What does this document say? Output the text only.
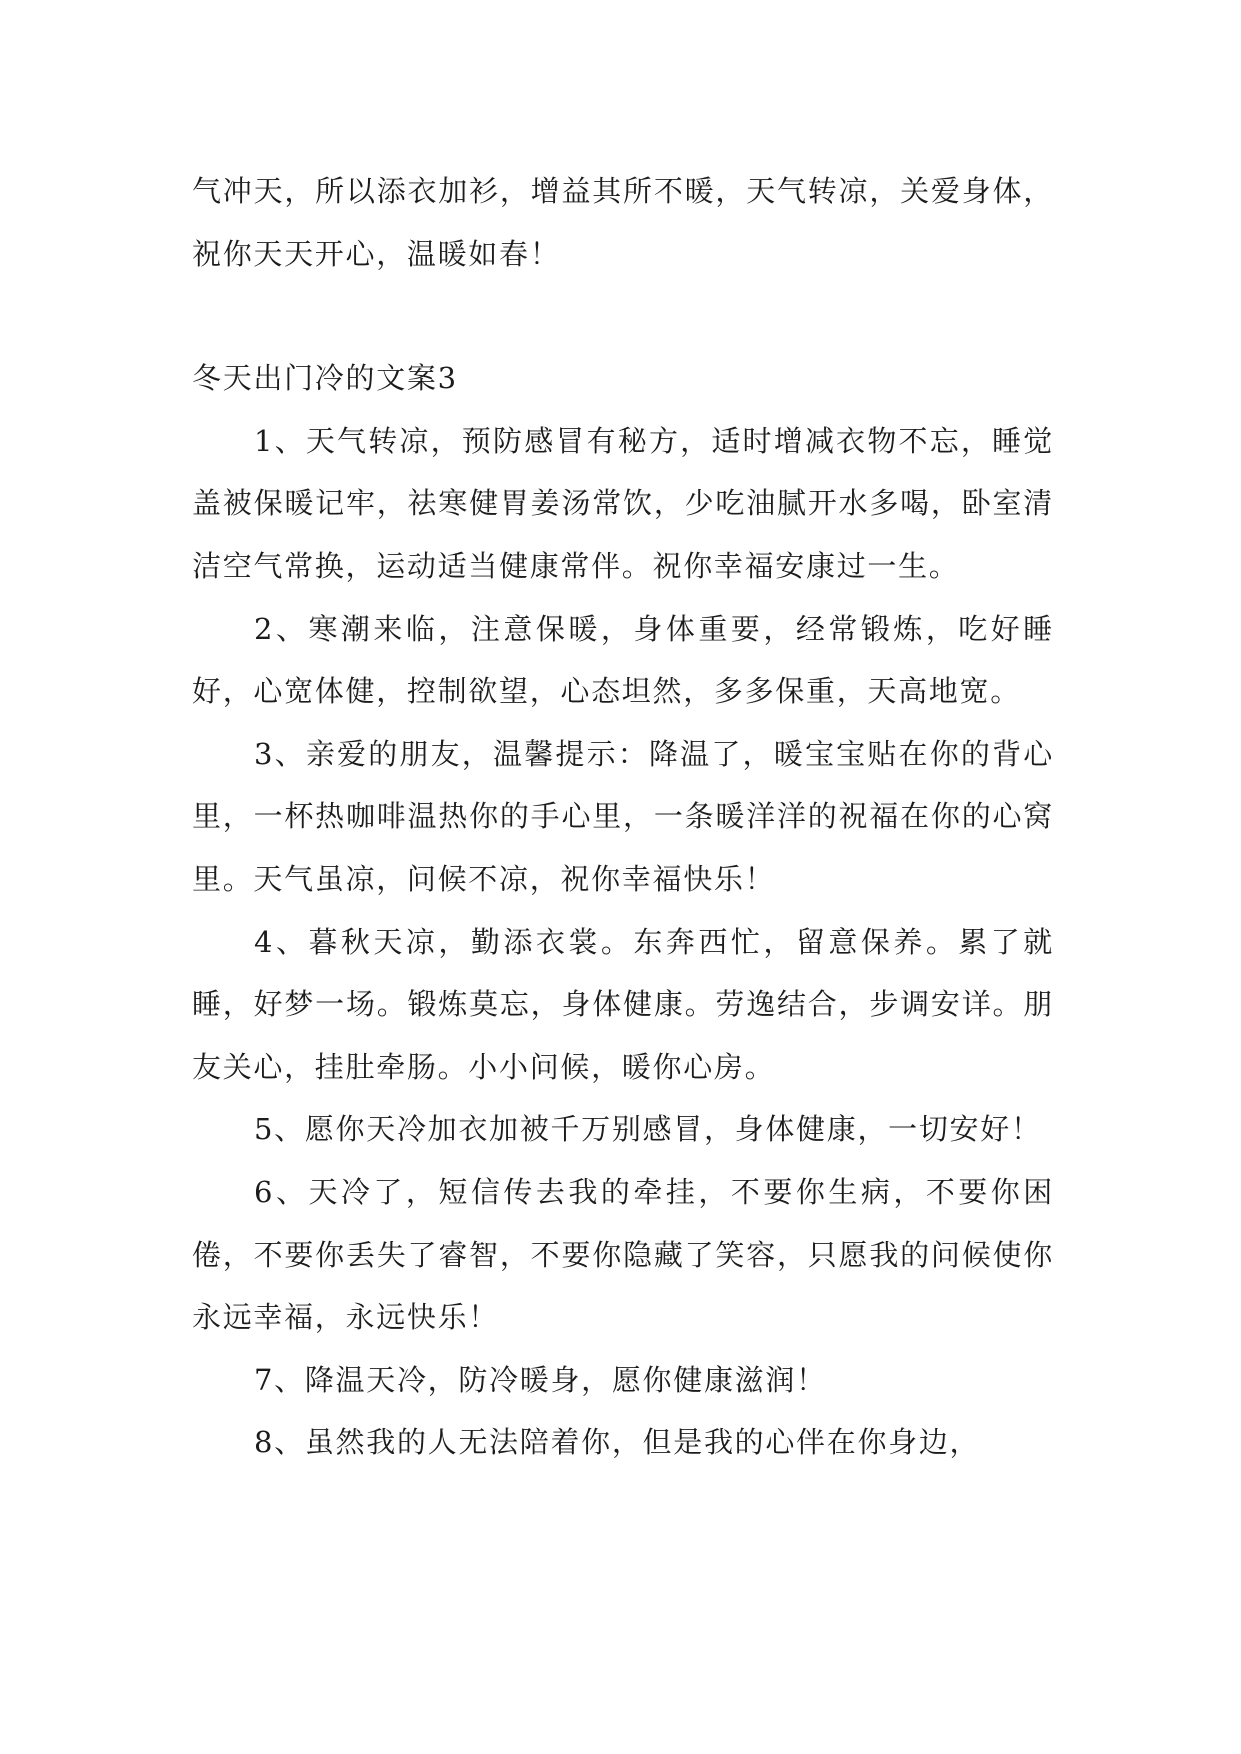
气冲天，所以添衣加衫，增益其所不暖，天气转凉，关爱身体，祝你天天开心，温暖如春！

冬天出门冷的文案3

1、天气转凉，预防感冒有秘方，适时增减衣物不忘，睡觉盖被保暖记牢，祛寒健胃姜汤常饮，少吃油腻开水多喝，卧室清洁空气常换，运动适当健康常伴。祝你幸福安康过一生。

2、寒潮来临，注意保暖，身体重要，经常锻炼，吃好睡好，心宽体健，控制欲望，心态坦然，多多保重，天高地宽。

3、亲爱的朋友，温馨提示：降温了，暖宝宝贴在你的背心里，一杯热咖啡温热你的手心里，一条暖洋洋的祝福在你的心窝里。天气虽凉，问候不凉，祝你幸福快乐！

4、暮秋天凉，勤添衣裳。东奔西忙，留意保养。累了就睡，好梦一场。锻炼莫忘，身体健康。劳逸结合，步调安详。朋友关心，挂肚牵肠。小小问候，暖你心房。

5、愿你天冷加衣加被千万别感冒，身体健康，一切安好！

6、天冷了，短信传去我的牵挂，不要你生病，不要你困倦，不要你丢失了睿智，不要你隐藏了笑容，只愿我的问候使你永远幸福，永远快乐！

7、降温天冷，防冷暖身，愿你健康滋润！

8、虽然我的人无法陪着你，但是我的心伴在你身边，
